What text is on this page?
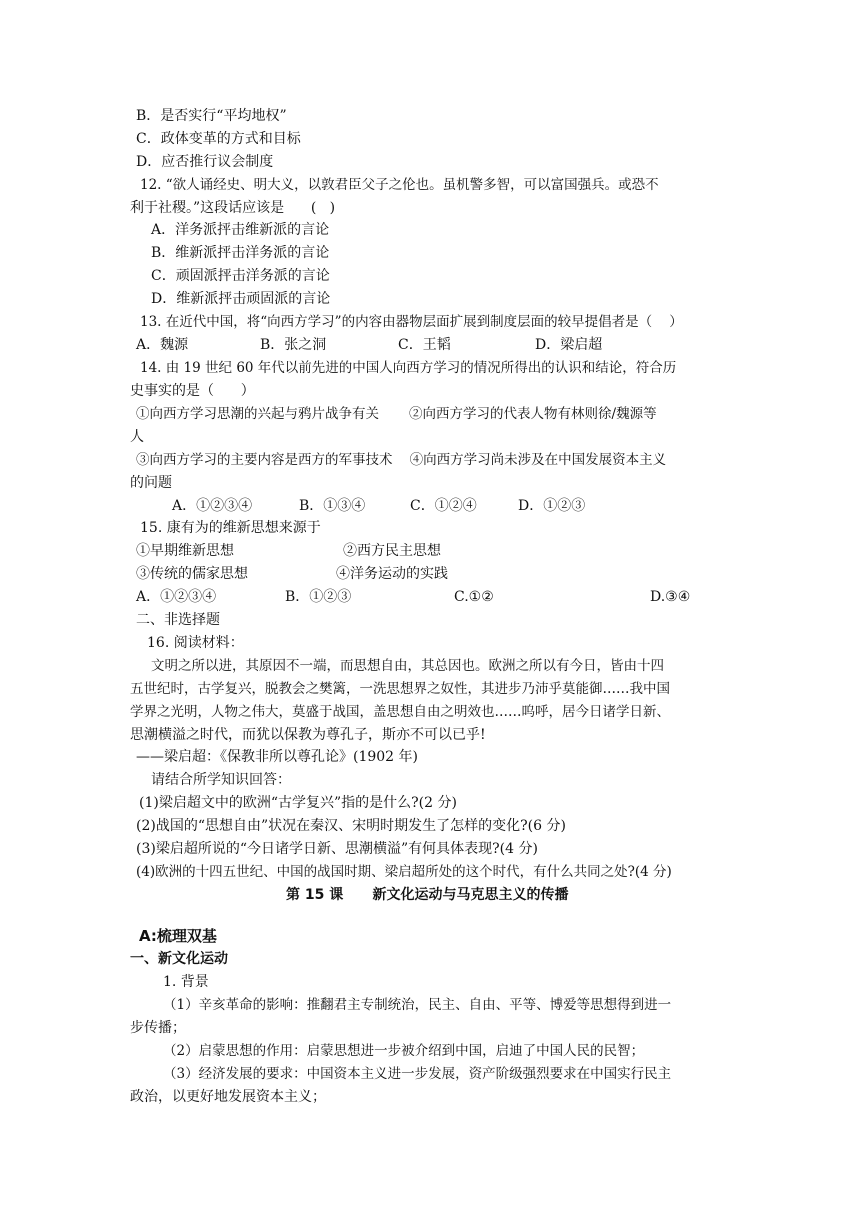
B．是否实行“平均地权”
C．政体变革的方式和目标
D．应否推行议会制度
12. “欲人诵经史、明大义，以敦君臣父子之伦也。虽机警多智，可以富国强兵。或恐不
利于社稷。”这段话应该是      (   )
A．洋务派抨击维新派的言论
B．维新派抨击洋务派的言论
C．顽固派抨击洋务派的言论
D．维新派抨击顽固派的言论
13. 在近代中国，将“向西方学习”的内容由器物层面扩展到制度层面的较早提倡者是（    ）
A．魏源	B．张之洞	C．王韬	D．梁启超
14. 由 19 世纪 60 年代以前先进的中国人向西方学习的情况所得出的认识和结论，符合历
史事实的是（      ）
①向西方学习思潮的兴起与鸦片战争有关       ②向西方学习的代表人物有林则徐/魏源等
人
③向西方学习的主要内容是西方的军事技术    ④向西方学习尚未涉及在中国发展资本主义
的问题
A．①②③④	B．①③④	C．①②④	D．①②③
15. 康有为的维新思想来源于
①早期维新思想	②西方民主思想
③传统的儒家思想	④洋务运动的实践
A．①②③④	B．①②③	C.①②	D.③④
二、非选择题
16. 阅读材料：
文明之所以进，其原因不一端，而思想自由，其总因也。欧洲之所以有今日，皆由十四
五世纪时，古学复兴，脱教会之樊篱，一洗思想界之奴性，其进步乃沛乎莫能御……我中国
学界之光明，人物之伟大，莫盛于战国，盖思想自由之明效也……呜呼，居今日诸学日新、
思潮横溢之时代，而犹以保教为尊孔子，斯亦不可以已乎!
——梁启超：《保教非所以尊孔论》(1902 年)
请结合所学知识回答：
(1)梁启超文中的欧洲“古学复兴”指的是什么?(2 分)
(2)战国的“思想自由”状况在秦汉、宋明时期发生了怎样的变化?(6 分)
(3)梁启超所说的“今日诸学日新、思潮横溢”有何具体表现?(4 分)
(4)欧洲的十四五世纪、中国的战国时期、梁启超所处的这个时代，有什么共同之处?(4 分)
第 15 课      新文化运动与马克思主义的传播
A:梳理双基
一、新文化运动
1. 背景
（1）辛亥革命的影响：推翻君主专制统治，民主、自由、平等、博爱等思想得到进一
步传播；
（2）启蒙思想的作用：启蒙思想进一步被介绍到中国，启迪了中国人民的民智；
（3）经济发展的要求：中国资本主义进一步发展，资产阶级强烈要求在中国实行民主
政治，以更好地发展资本主义；
